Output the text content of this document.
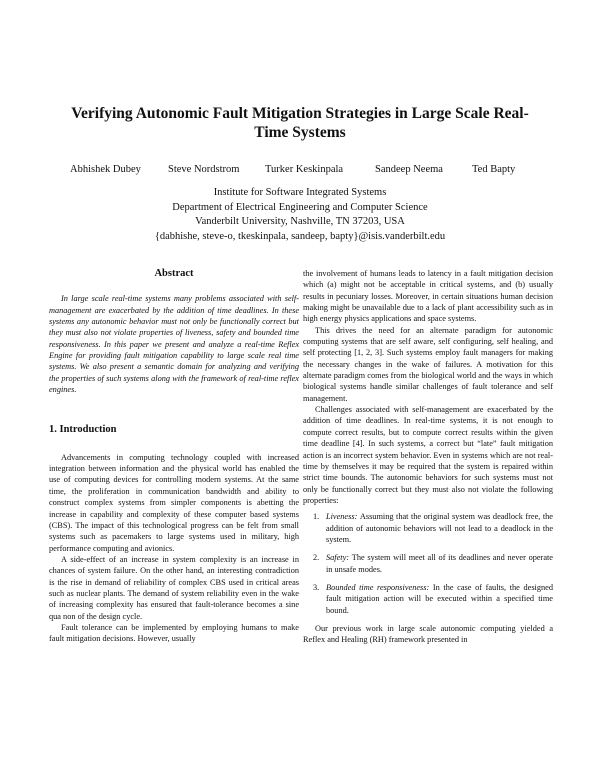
Verifying Autonomic Fault Mitigation Strategies in Large Scale Real-Time Systems
Abhishek Dubey	Steve Nordstrom Turker Keskinpala	Sandeep Neema	Ted Bapty
Institute for Software Integrated Systems
Department of Electrical Engineering and Computer Science
Vanderbilt University, Nashville, TN 37203, USA
{dabhishe, steve-o, tkeskinpala, sandeep, bapty}@isis.vanderbilt.edu
Abstract

In large scale real-time systems many problems associated with self-management are exacerbated by the addition of time deadlines. In these systems any autonomic behavior must not only be functionally correct but they must also not violate properties of liveness, safety and bounded time responsiveness. In this paper we present and analyze a real-time Reflex Engine for providing fault mitigation capability to large scale real time systems. We also present a semantic domain for analyzing and verifying the properties of such systems along with the framework of real-time reflex engines.

1. Introduction

Advancements in computing technology coupled with increased integration between information and the physical world has enabled the use of computing devices for controlling modern systems. At the same time, the proliferation in communication bandwidth and ability to construct complex systems from simpler components is abetting the increase in capability and complexity of these computer based systems (CBS). The impact of this technological progress can be felt from small systems such as pacemakers to large systems used in military, high performance computing and avionics.

A side-effect of an increase in system complexity is an increase in chances of system failure. On the other hand, an interesting contradiction is the rise in demand of reliability of complex CBS used in critical areas such as nuclear plants. The demand of system reliability even in the wake of increasing complexity has ensured that fault-tolerance becomes a sine qua non of the design cycle.

Fault tolerance can be implemented by employing humans to make fault mitigation decisions. However, usually

the involvement of humans leads to latency in a fault mitigation decision which (a) might not be acceptable in critical systems, and (b) usually results in pecuniary losses. Moreover, in certain situations human decision making might be unavailable due to a lack of plant accessibility such as in high energy physics applications and space systems.

This drives the need for an alternate paradigm for autonomic computing systems that are self aware, self configuring, self healing, and self protecting [1, 2, 3]. Such systems employ fault managers for making the necessary changes in the wake of failures. A motivation for this alternate paradigm comes from the biological world and the ways in which biological systems handle similar challenges of fault tolerance and self management.

Challenges associated with self-management are exacerbated by the addition of time deadlines. In real-time systems, it is not enough to compute correct results, but to compute correct results within the given time deadline [4]. In such systems, a correct but “late” fault mitigation action is an incorrect system behavior. Even in systems which are not real-time by themselves it may be required that the system is repaired within strict time bounds. The autonomic behaviors for such systems must not only be functionally correct but they must also not violate the following properties:

1. Liveness: Assuming that the original system was deadlock free, the addition of autonomic behaviors will not lead to a deadlock in the system.
2. Safety: The system will meet all of its deadlines and never operate in unsafe modes.
3. Bounded time responsiveness: In the case of faults, the designed fault mitigation action will be executed within a specified time bound.

Our previous work in large scale autonomic computing yielded a Reflex and Healing (RH) framework presented in
